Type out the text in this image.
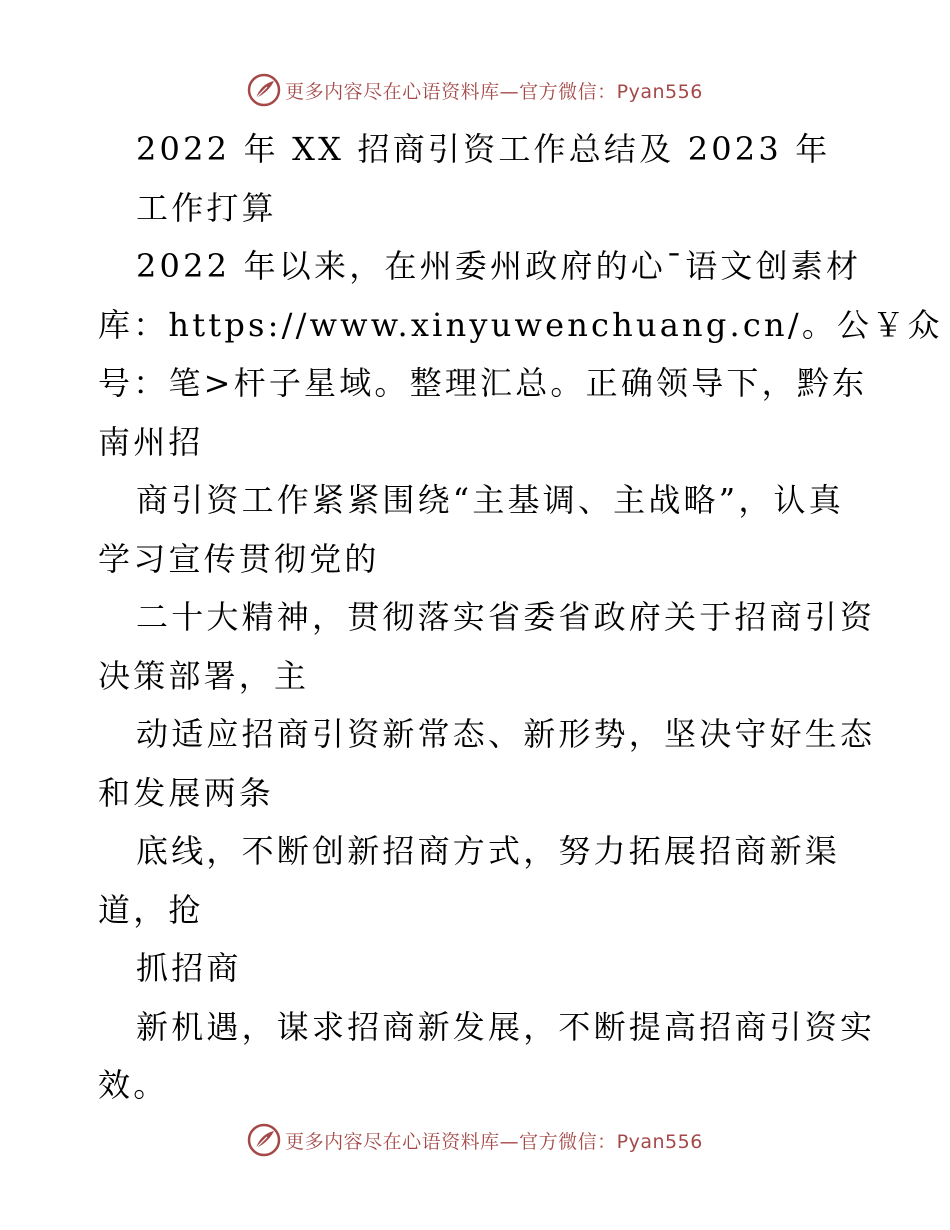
更多内容尽在心语资料库—官方微信：Pyan556
2022 年 XX 招商引资工作总结及 2023 年
工作打算
2022 年以来，在州委州政府的心¯语文创素材
库：https://www.xinyuwenchuang.cn/。公￥众
号：笔>杆子星域。整理汇总。正确领导下，黔东
南州招
商引资工作紧紧围绕“主基调、主战略”，认真
学习宣传贯彻党的
二十大精神，贯彻落实省委省政府关于招商引资
决策部署，主
动适应招商引资新常态、新形势，坚决守好生态
和发展两条
底线，不断创新招商方式，努力拓展招商新渠
道，抢
抓招商
新机遇，谋求招商新发展，不断提高招商引资实
效。
更多内容尽在心语资料库—官方微信：Pyan556
